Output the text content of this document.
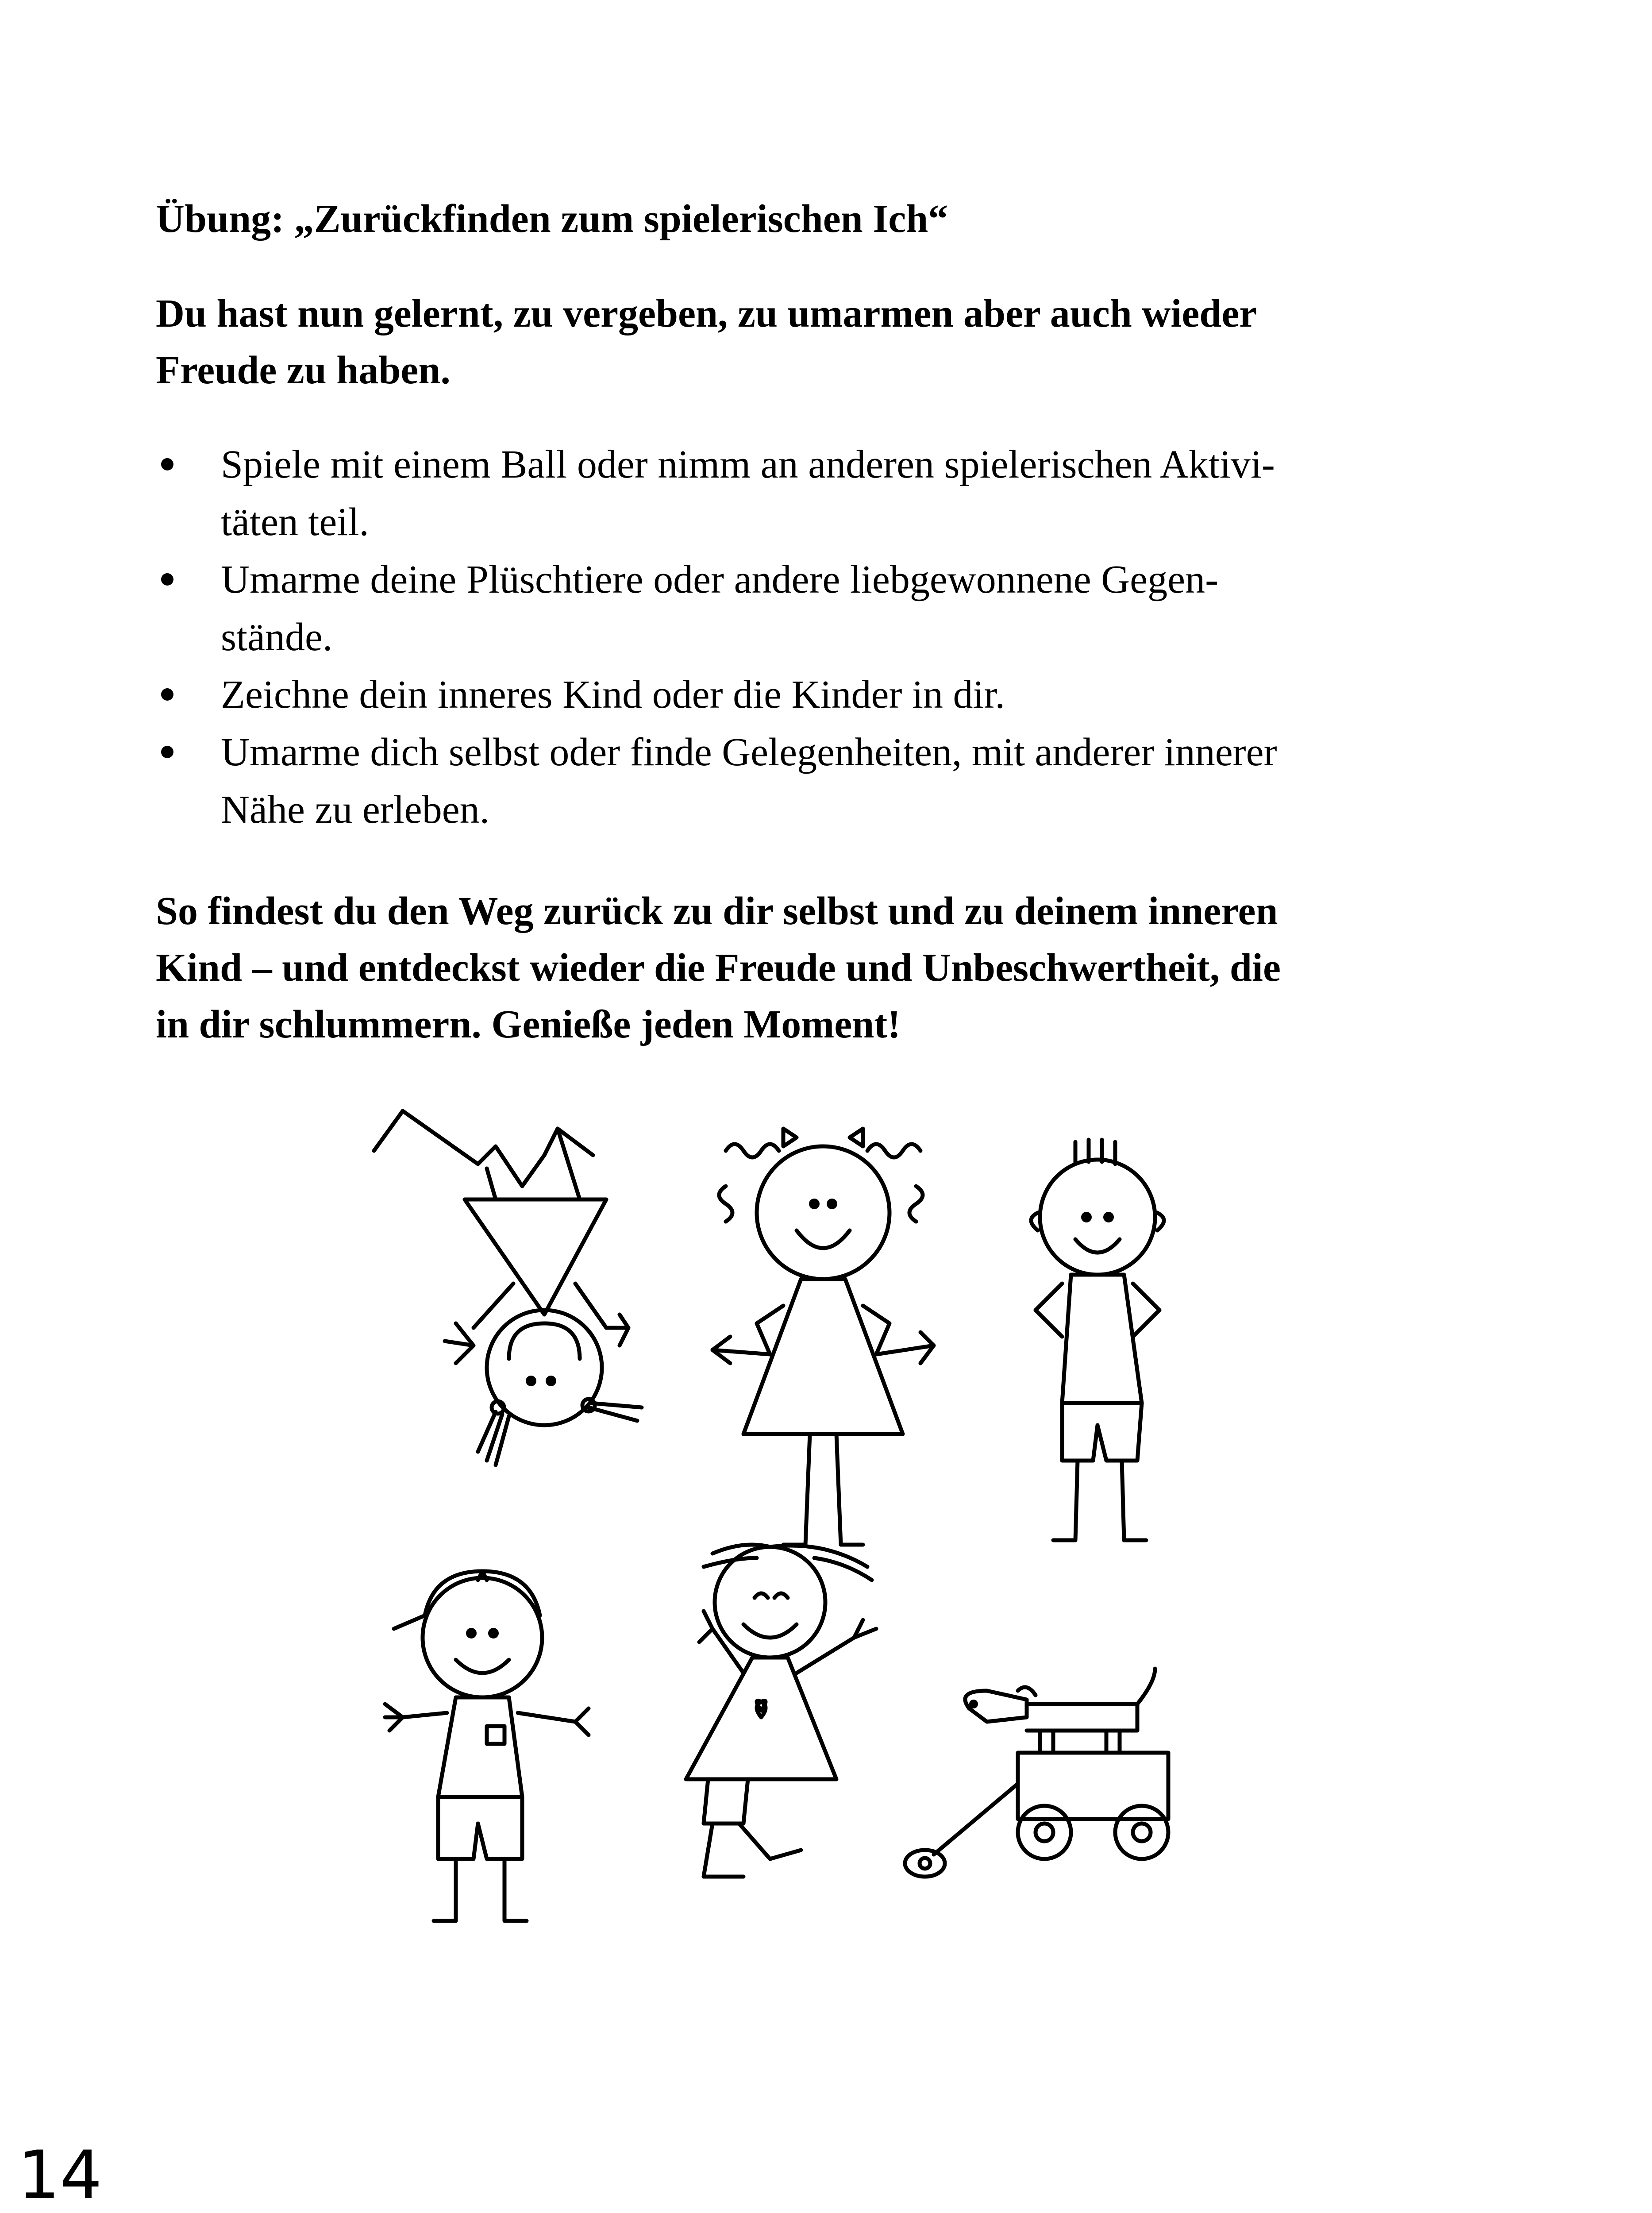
Übung: „Zurückfinden zum spielerischen Ich“
Du hast nun gelernt, zu vergeben, zu umarmen aber auch wieder
Freude zu haben.
Spiele mit einem Ball oder nimm an anderen spielerischen Aktivi-
täten teil.
Umarme deine Plüschtiere oder andere liebgewonnene Gegen-
stände.
Zeichne dein inneres Kind oder die Kinder in dir.
Umarme dich selbst oder finde Gelegenheiten, mit anderer innerer
Nähe zu erleben.
So findest du den Weg zurück zu dir selbst und zu deinem inneren
Kind – und entdeckst wieder die Freude und Unbeschwertheit, die
in dir schlummern. Genieße jeden Moment!
14
